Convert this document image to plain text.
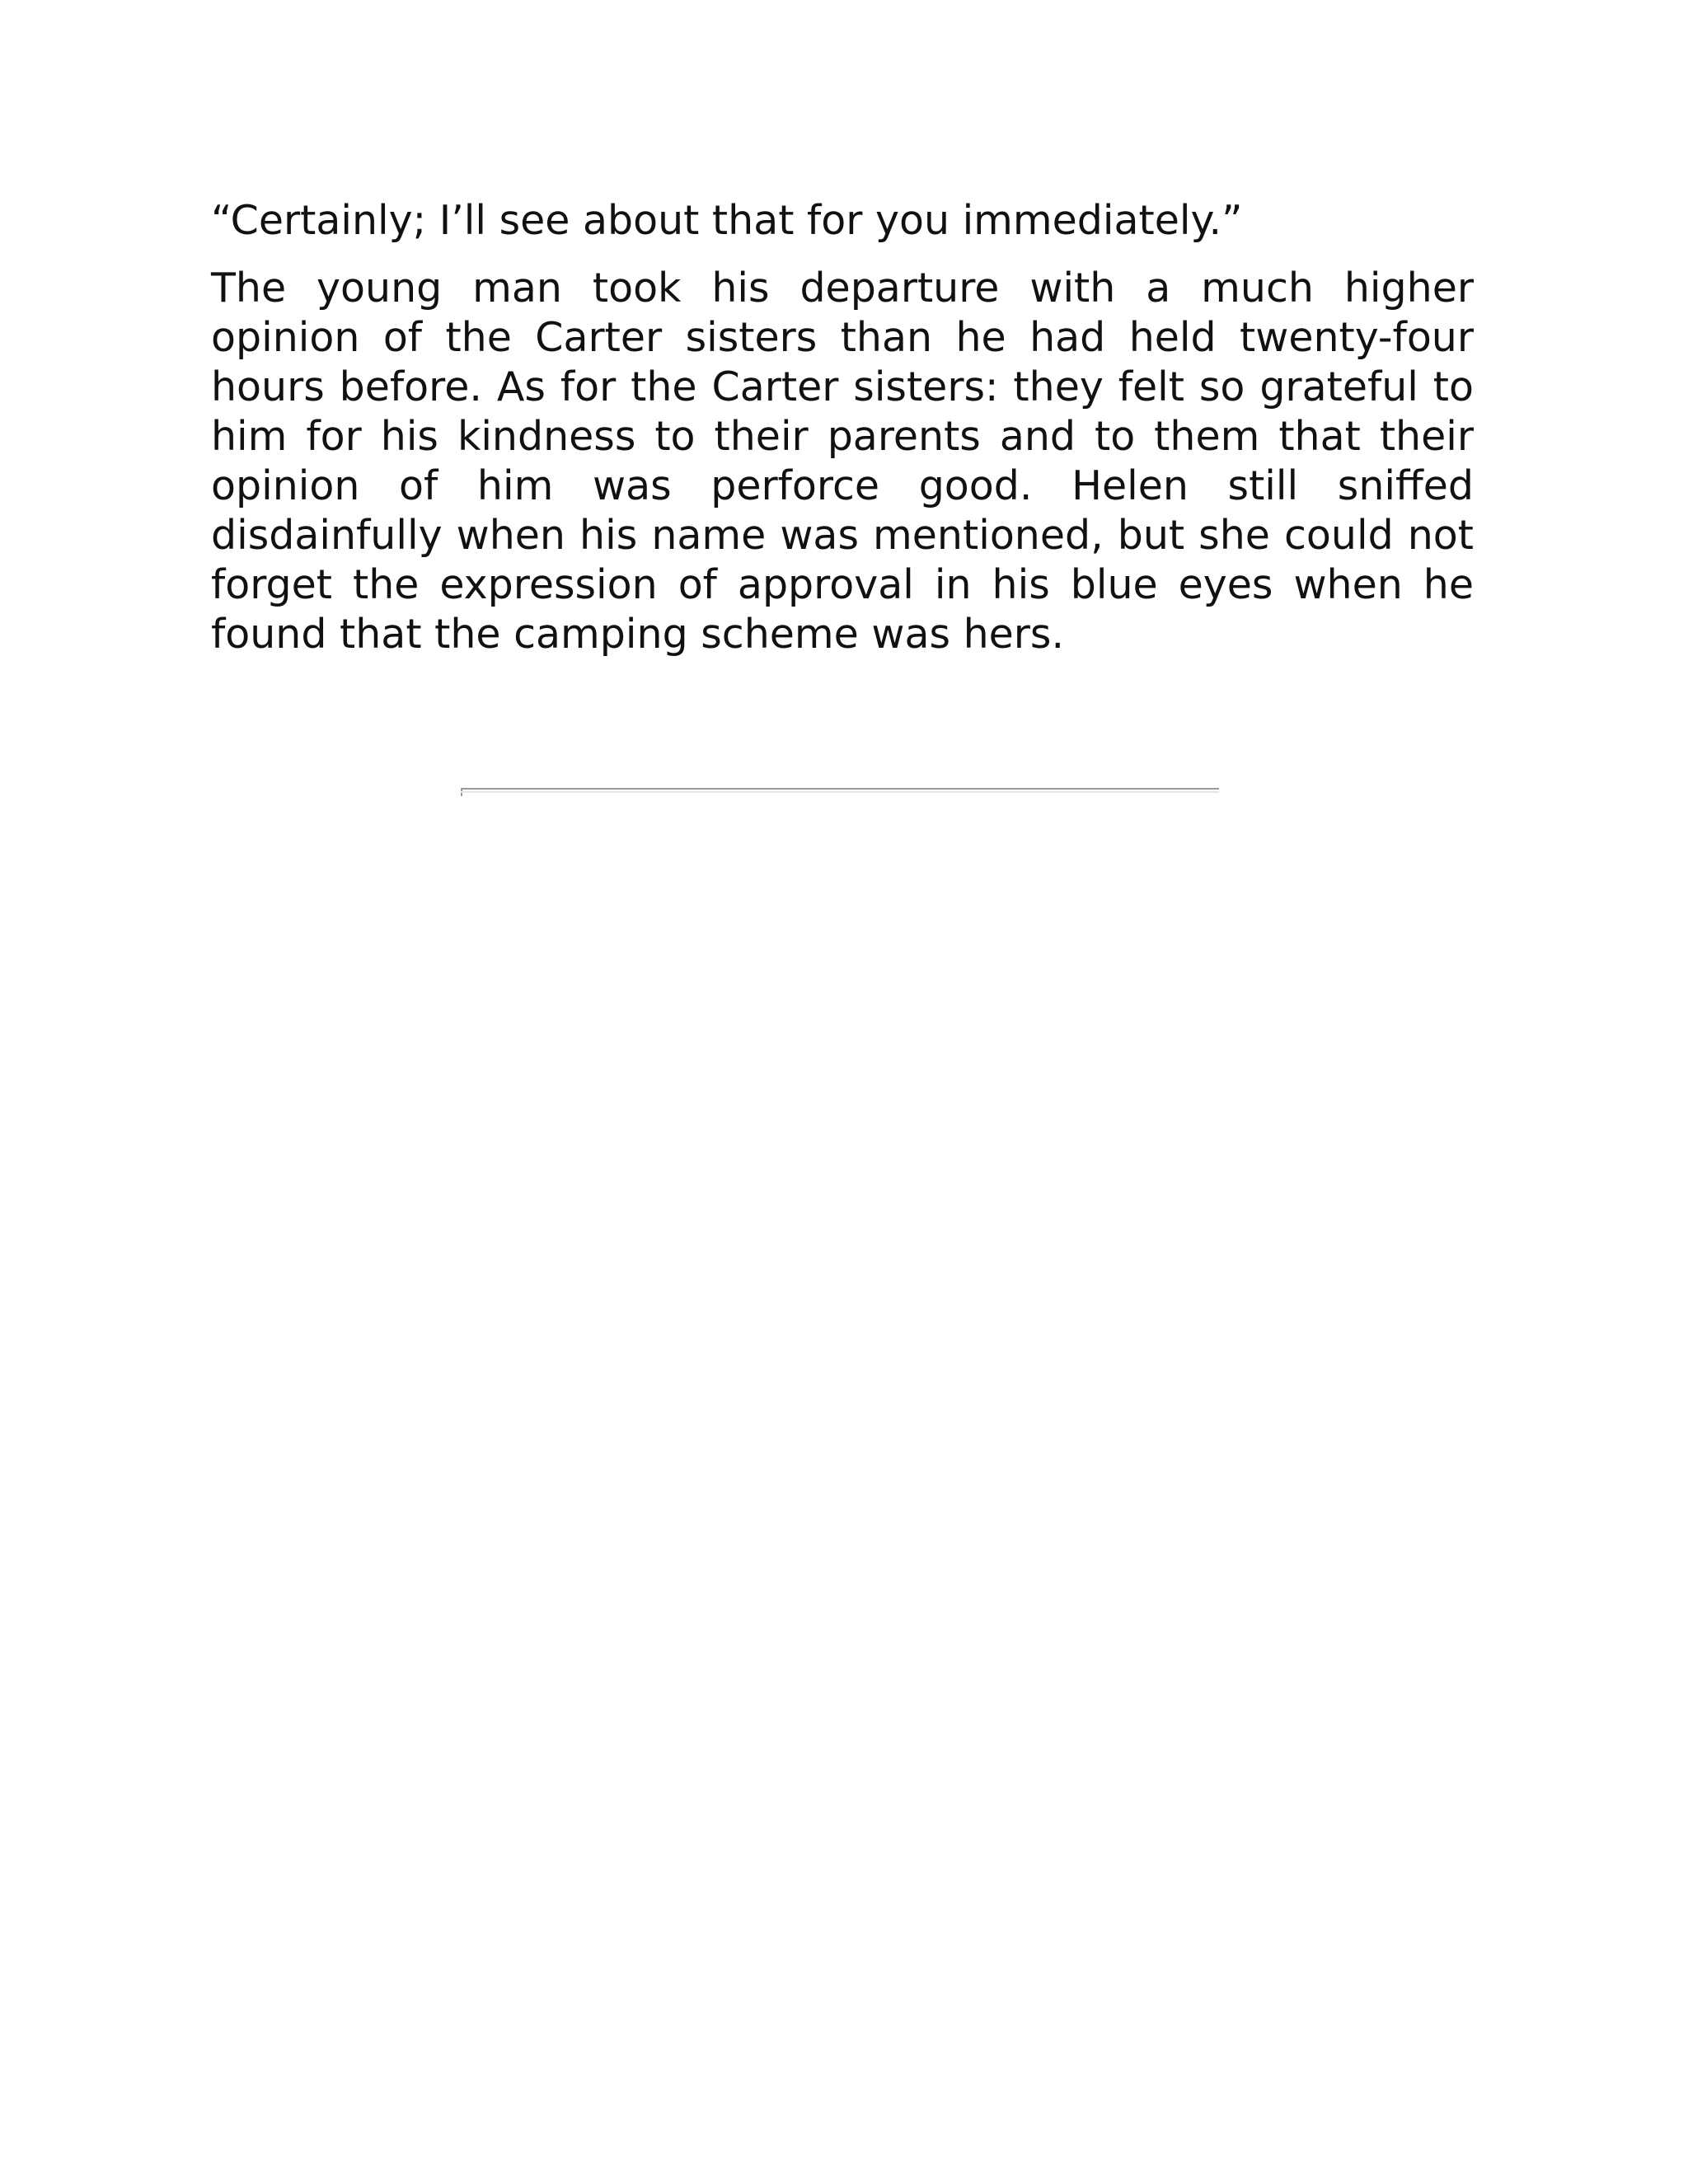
“Certainly; I’ll see about that for you immediately.”

The young man took his departure with a much higher opinion of the Carter sisters than he had held twenty-four hours before. As for the Carter sisters: they felt so grateful to him for his kindness to their parents and to them that their opinion of him was perforce good. Helen still sniffed disdainfully when his name was mentioned, but she could not forget the expression of approval in his blue eyes when he found that the camping scheme was hers.
